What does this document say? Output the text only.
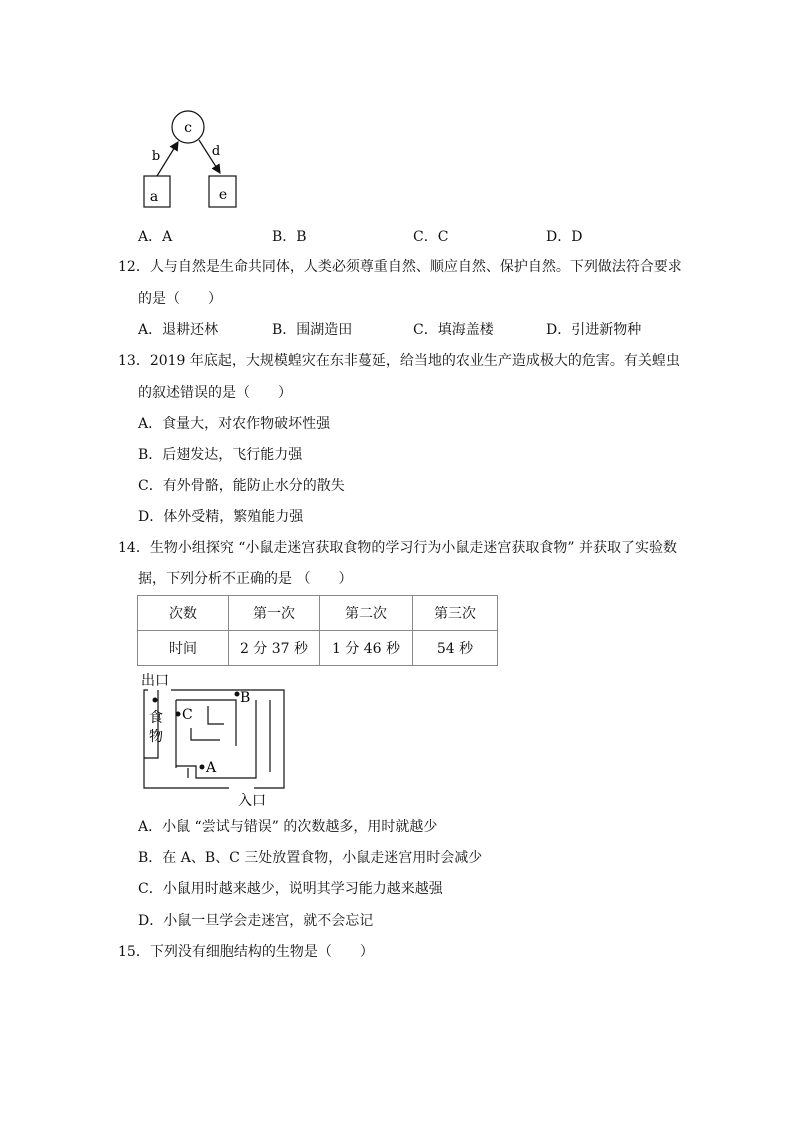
c
a	e
b	d
A．A	B．B	C．C	D．D
12．人与自然是生命共同体，人类必须尊重自然、顺应自然、保护自然。下列做法符合要求
的是（　　）
A．退耕还林	B．围湖造田	C．填海盖楼	D．引进新物种
13．2019 年底起，大规模蝗灾在东非蔓延，给当地的农业生产造成极大的危害。有关蝗虫
的叙述错误的是（　　）
A．食量大，对农作物破坏性强
B．后翅发达，飞行能力强
C．有外骨骼，能防止水分的散失
D．体外受精，繁殖能力强
14．生物小组探究 “小鼠走迷宫获取食物的学习行为小鼠走迷宫获取食物” 并获取了实验数
据，下列分析不正确的是 （　　）
次数	第一次	第二次	第三次
时间	2 分 37 秒	1 分 46 秒	54 秒
出口
入口
食
物
B
C
A
A．小鼠 “尝试与错误” 的次数越多，用时就越少
B．在 A、B、C 三处放置食物，小鼠走迷宫用时会减少
C．小鼠用时越来越少，说明其学习能力越来越强
D．小鼠一旦学会走迷宫，就不会忘记
15．下列没有细胞结构的生物是（　　）
